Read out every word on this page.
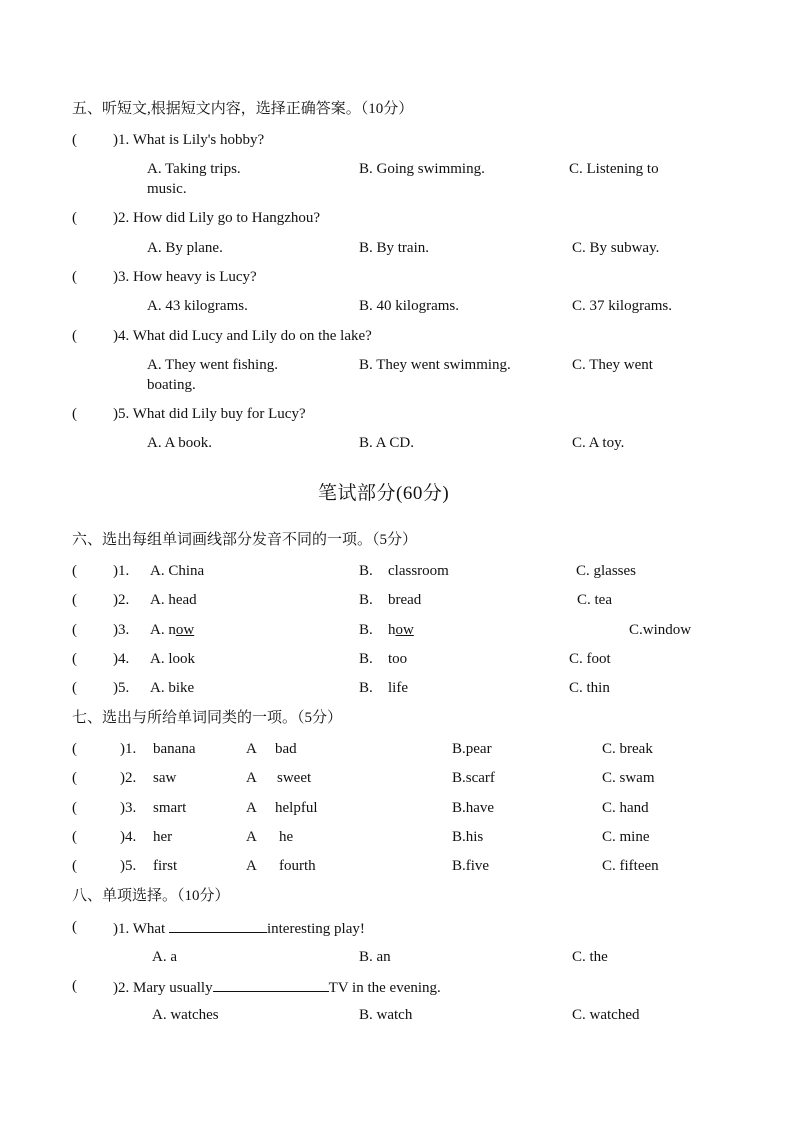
五、听短文,根据短文内容，选择正确答案。（10分）
( )1. What is Lily's hobby?
A. Taking trips.	B. Going swimming.	C. Listening to
music.
( )2. How did Lily go to Hangzhou?
A. By plane.	B. By train.	C. By subway.
( )3. How heavy is Lucy?
A. 43 kilograms.	B. 40 kilograms.	C. 37 kilograms.
( )4. What did Lucy and Lily do on the lake?
A. They went fishing.	B. They went swimming.	C. They went
boating.
( )5. What did Lily buy for Lucy?
A. A book.	B. A CD.	C. A toy.
笔试部分(60分)
六、选出每组单词画线部分发音不同的一项。（5分）
( )1. A. China	B. classroom	C. glasses
( )2. A. head	B. bread	C. tea
( )3. A. now	B. how	C.window
( )4. A. look	B. too	C. foot
( )5. A. bike	B. life	C. thin
七、选出与所给单词同类的一项。（5分）
(	)1. banana	A bad	B.pear	C. break
(	)2. saw	A sweet	B.scarf	C. swam
(	)3. smart	A helpful	B.have	C. hand
(	)4. her	A he	B.his	C. mine
(	)5. first	A fourth	B.five	C. fifteen
八、单项选择。（10分）
( )1. What	interesting play!
A. a	B. an	C. the
( )2. Mary usually	TV in the evening.
A. watches	B. watch	C. watched
